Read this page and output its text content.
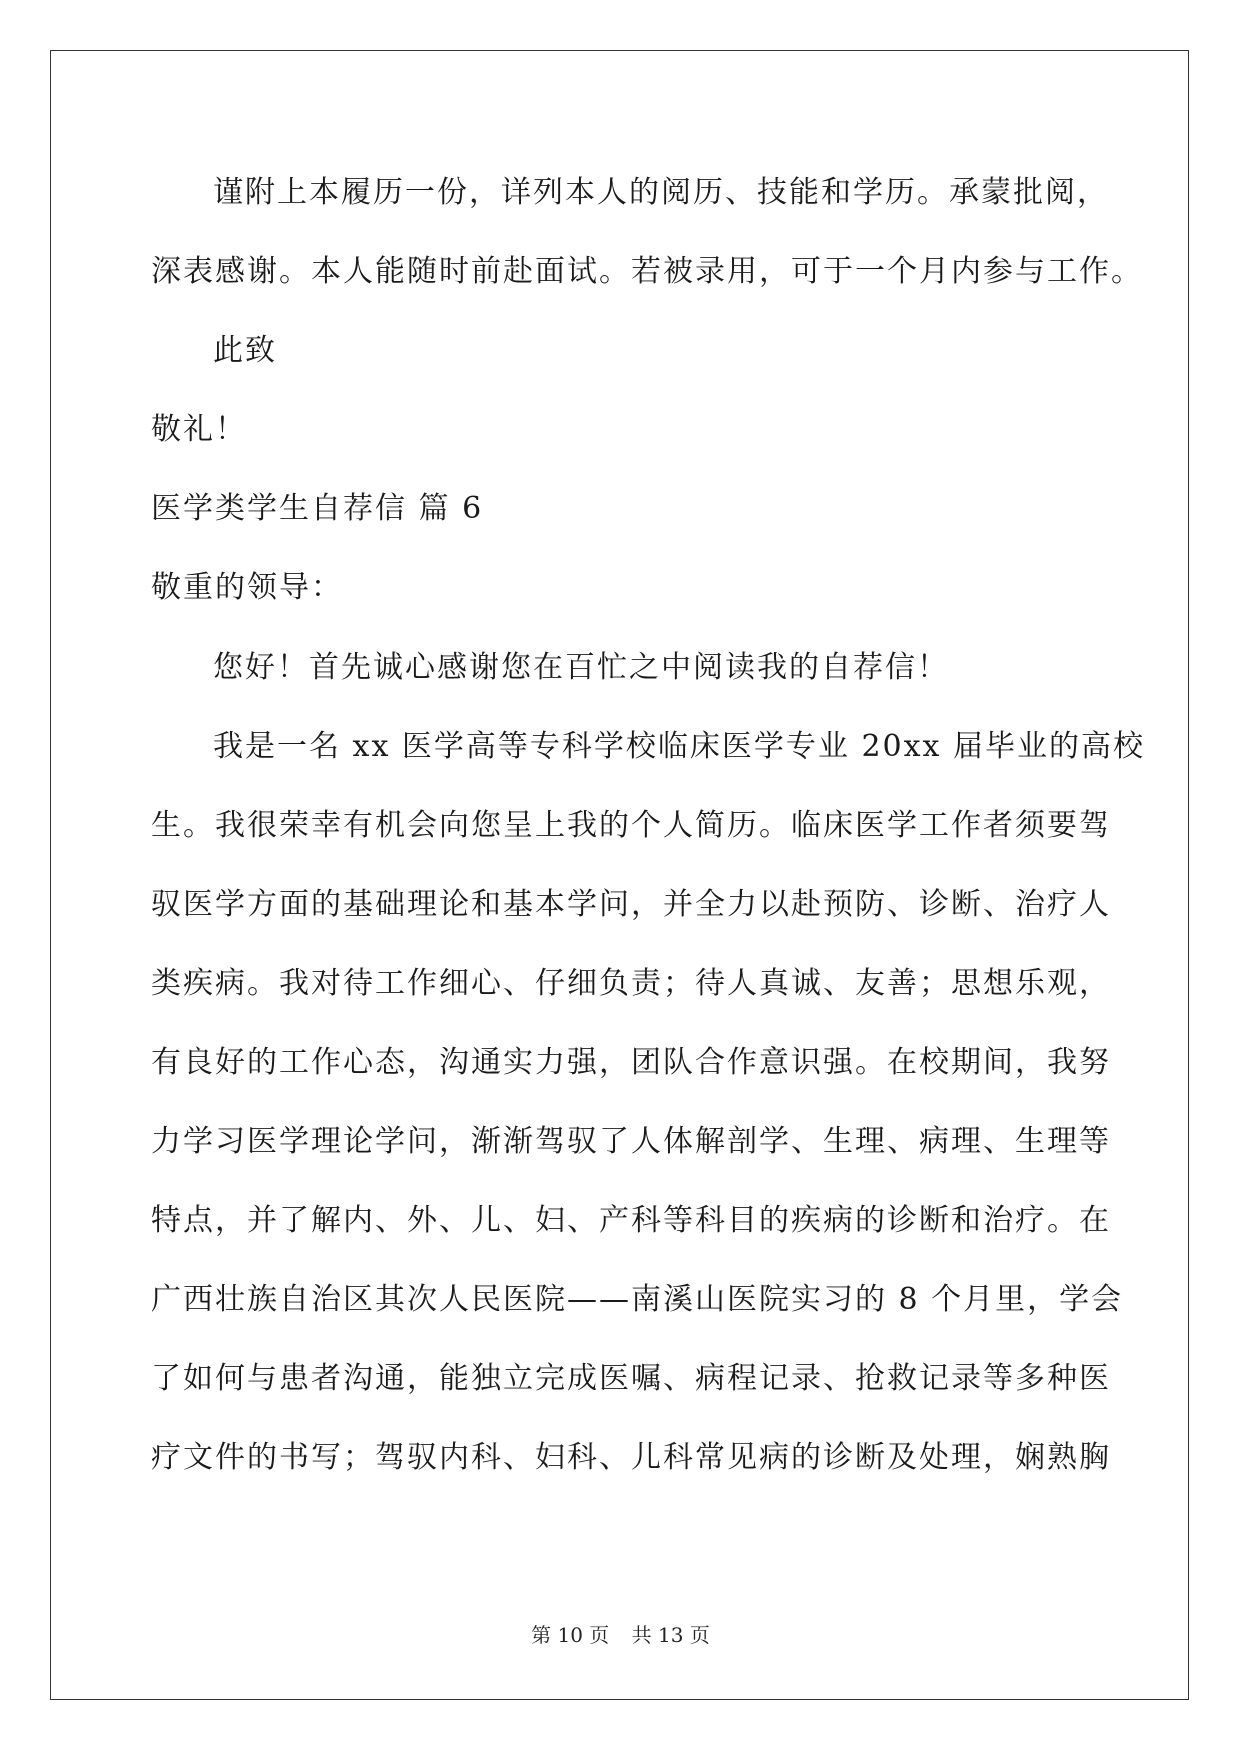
谨附上本履历一份，详列本人的阅历、技能和学历。承蒙批阅，
深表感谢。本人能随时前赴面试。若被录用，可于一个月内参与工作。
此致
敬礼！
医学类学生自荐信 篇 6
敬重的领导：
您好！首先诚心感谢您在百忙之中阅读我的自荐信！
我是一名 xx 医学高等专科学校临床医学专业 20xx 届毕业的高校
生。我很荣幸有机会向您呈上我的个人简历。临床医学工作者须要驾
驭医学方面的基础理论和基本学问，并全力以赴预防、诊断、治疗人
类疾病。我对待工作细心、仔细负责；待人真诚、友善；思想乐观，
有良好的工作心态，沟通实力强，团队合作意识强。在校期间，我努
力学习医学理论学问，渐渐驾驭了人体解剖学、生理、病理、生理等
特点，并了解内、外、儿、妇、产科等科目的疾病的诊断和治疗。在
广西壮族自治区其次人民医院——南溪山医院实习的 8 个月里，学会
了如何与患者沟通，能独立完成医嘱、病程记录、抢救记录等多种医
疗文件的书写；驾驭内科、妇科、儿科常见病的诊断及处理，娴熟胸
第 10 页 共 13 页
